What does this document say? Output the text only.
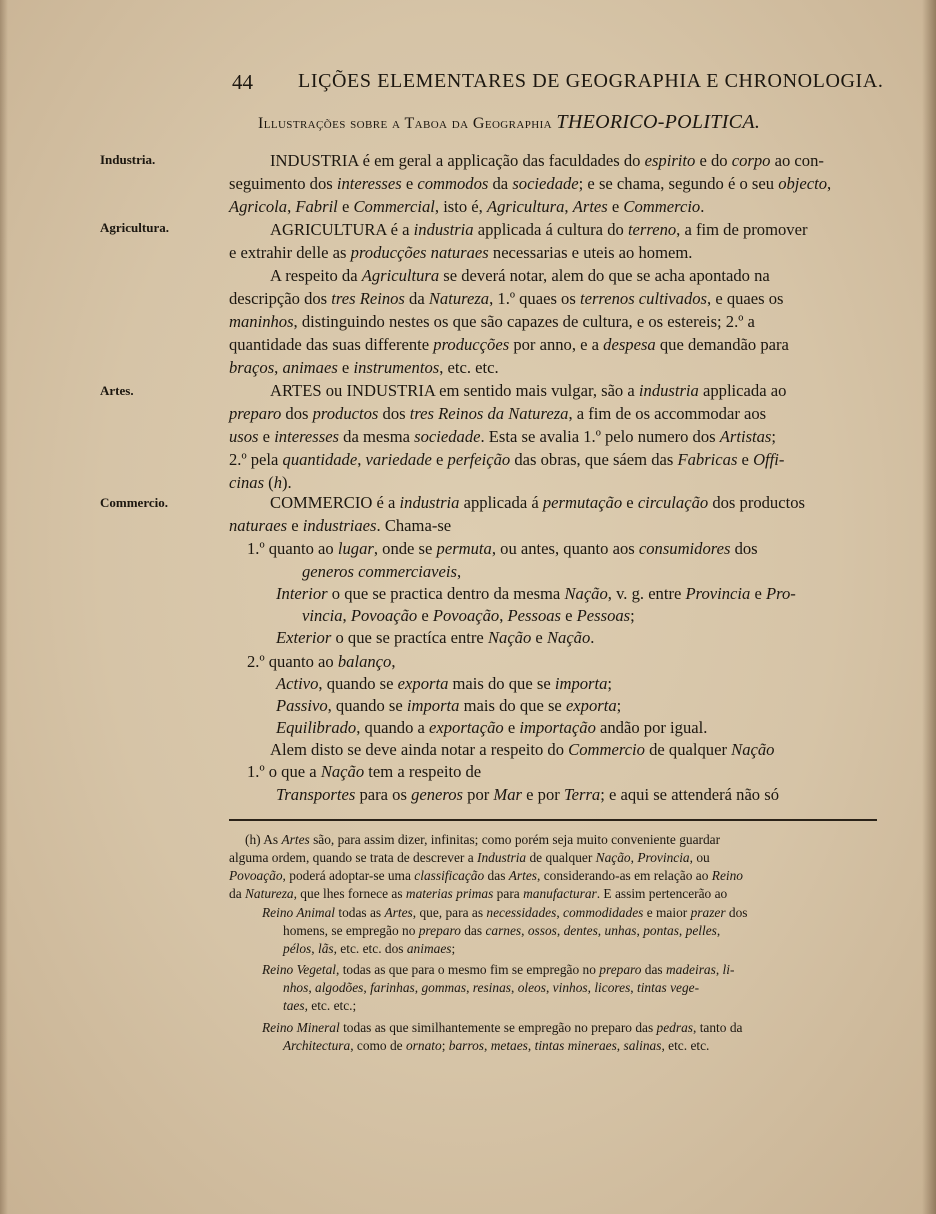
44 LIÇÕES ELEMENTARES DE GEOGRAPHIA E CHRONOLOGIA.
Illustrações sobre a Taboa da Geographia THEORICO-POLITICA.
Industria.
Agricultura.
Artes.
Commercio.
INDUSTRIA é em geral a applicação das faculdades do espirito e do corpo ao con-
seguimento dos interesses e commodos da sociedade; e se chama, segundo é o seu objecto,
Agricola, Fabril e Commercial, isto é, Agricultura, Artes e Commercio.
AGRICULTURA é a industria applicada á cultura do terreno, a fim de promover
e extrahir delle as producções naturaes necessarias e uteis ao homem.
A respeito da Agricultura se deverá notar, alem do que se acha apontado na
descripção dos tres Reinos da Natureza, 1.º quaes os terrenos cultivados, e quaes os
maninhos, distinguindo nestes os que são capazes de cultura, e os estereis; 2.º a
quantidade das suas differente producções por anno, e a despesa que demandão para
braços, animaes e instrumentos, etc. etc.
ARTES ou INDUSTRIA em sentido mais vulgar, são a industria applicada ao
preparo dos productos dos tres Reinos da Natureza, a fim de os accommodar aos
usos e interesses da mesma sociedade. Esta se avalia 1.º pelo numero dos Artistas;
2.º pela quantidade, variedade e perfeição das obras, que sáem das Fabricas e Offi-
cinas (h).
COMMERCIO é a industria applicada á permutação e circulação dos productos
naturaes e industriaes. Chama-se
1.º quanto ao lugar, onde se permuta, ou antes, quanto aos consumidores dos
generos commerciaveis,
Interior o que se practica dentro da mesma Nação, v. g. entre Provincia e Pro-
vincia, Povoação e Povoação, Pessoas e Pessoas;
Exterior o que se practíca entre Nação e Nação.
2.º quanto ao balanço,
Activo, quando se exporta mais do que se importa;
Passivo, quando se importa mais do que se exporta;
Equilibrado, quando a exportação e importação andão por igual.
Alem disto se deve ainda notar a respeito do Commercio de qualquer Nação
1.º o que a Nação tem a respeito de
Transportes para os generos por Mar e por Terra; e aqui se attenderá não só
(h) As Artes são, para assim dizer, infinitas; como porém seja muito conveniente guardar
alguma ordem, quando se trata de descrever a Industria de qualquer Nação, Provincia, ou
Povoação, poderá adoptar-se uma classificação das Artes, considerando-as em relação ao Reino
da Natureza, que lhes fornece as materias primas para manufacturar. E assim pertencerão ao
Reino Animal todas as Artes, que, para as necessidades, commodidades e maior prazer dos
homens, se empregão no preparo das carnes, ossos, dentes, unhas, pontas, pelles,
pélos, lãs, etc. etc. dos animaes;
Reino Vegetal, todas as que para o mesmo fim se empregão no preparo das madeiras, li-
nhos, algodões, farinhas, gommas, resinas, oleos, vinhos, licores, tintas vege-
taes, etc. etc.;
Reino Mineral todas as que similhantemente se empregão no preparo das pedras, tanto da
Architectura, como de ornato; barros, metaes, tintas mineraes, salinas, etc. etc.
